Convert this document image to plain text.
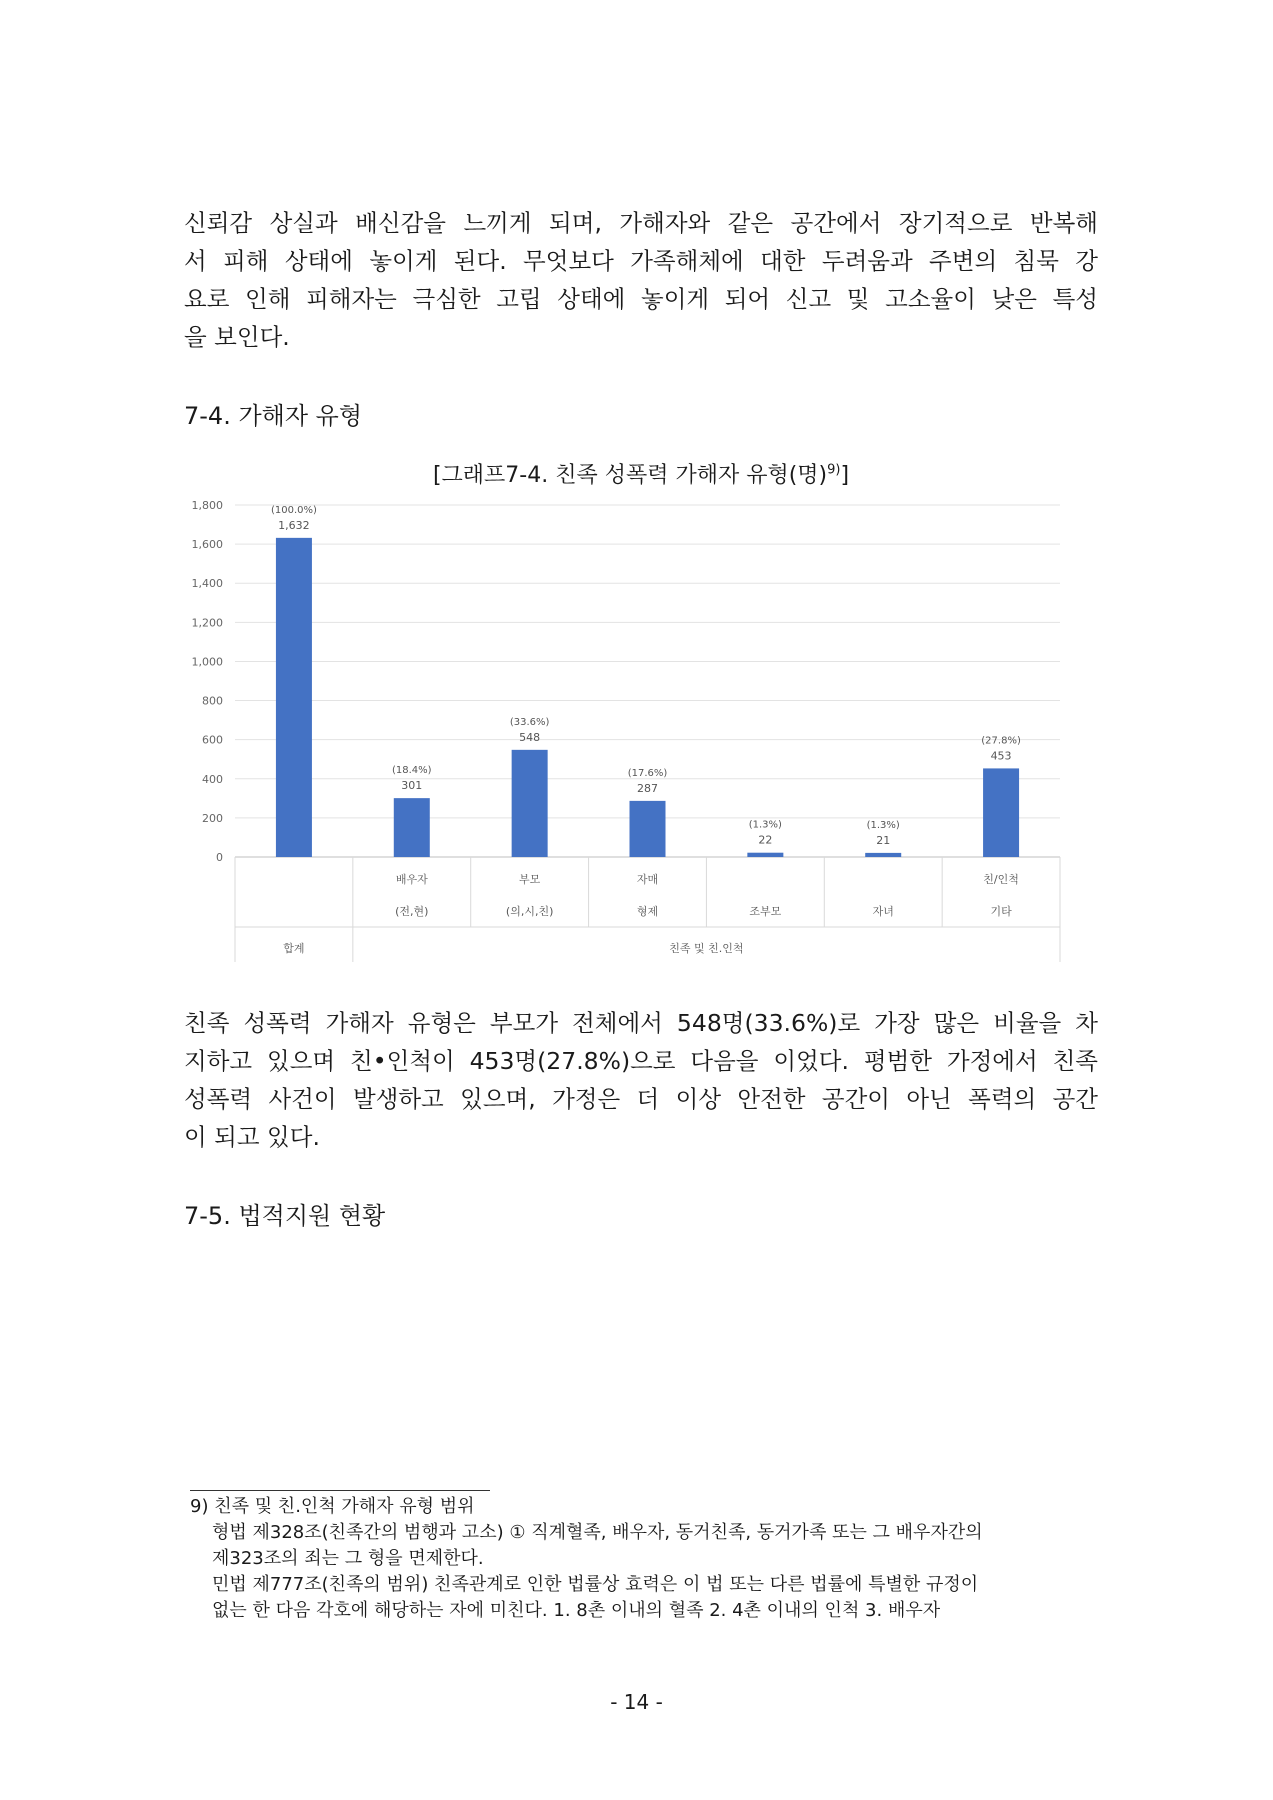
신뢰감 상실과 배신감을 느끼게 되며, 가해자와 같은 공간에서 장기적으로 반복해
서 피해 상태에 놓이게 된다. 무엇보다 가족해체에 대한 두려움과 주변의 침묵 강
요로 인해 피해자는 극심한 고립 상태에 놓이게 되어 신고 및 고소율이 낮은 특성
을 보인다.
7-4. 가해자 유형
[그래프7-4. 친족 성폭력 가해자 유형(명)$^{9)}$]
0
200
400
600
800
1,000
1,200
1,400
1,600
1,800
1,632
(100.0%)
301
(18.4%)
배우자
(전,현)
548
(33.6%)
부모
(의,시,친)
287
(17.6%)
자매
형제
22
(1.3%)
조부모
21
(1.3%)
자녀
453
(27.8%)
친/인척
기타
합계	친족 및 친.인척
친족 성폭력 가해자 유형은 부모가 전체에서 548명(33.6%)로 가장 많은 비율을 차
지하고 있으며 친•인척이 453명(27.8%)으로 다음을 이었다. 평범한 가정에서 친족
성폭력 사건이 발생하고 있으며, 가정은 더 이상 안전한 공간이 아닌 폭력의 공간
이 되고 있다.
7-5. 법적지원 현황
9) 친족 및 친.인척 가해자 유형 범위
형법 제328조(친족간의 범행과 고소) ① 직계혈족, 배우자, 동거친족, 동거가족 또는 그 배우자간의
제323조의 죄는 그 형을 면제한다.
민법 제777조(친족의 범위) 친족관계로 인한 법률상 효력은 이 법 또는 다른 법률에 특별한 규정이
없는 한 다음 각호에 해당하는 자에 미친다. 1. 8촌 이내의 혈족 2. 4촌 이내의 인척 3. 배우자
- 14 -
